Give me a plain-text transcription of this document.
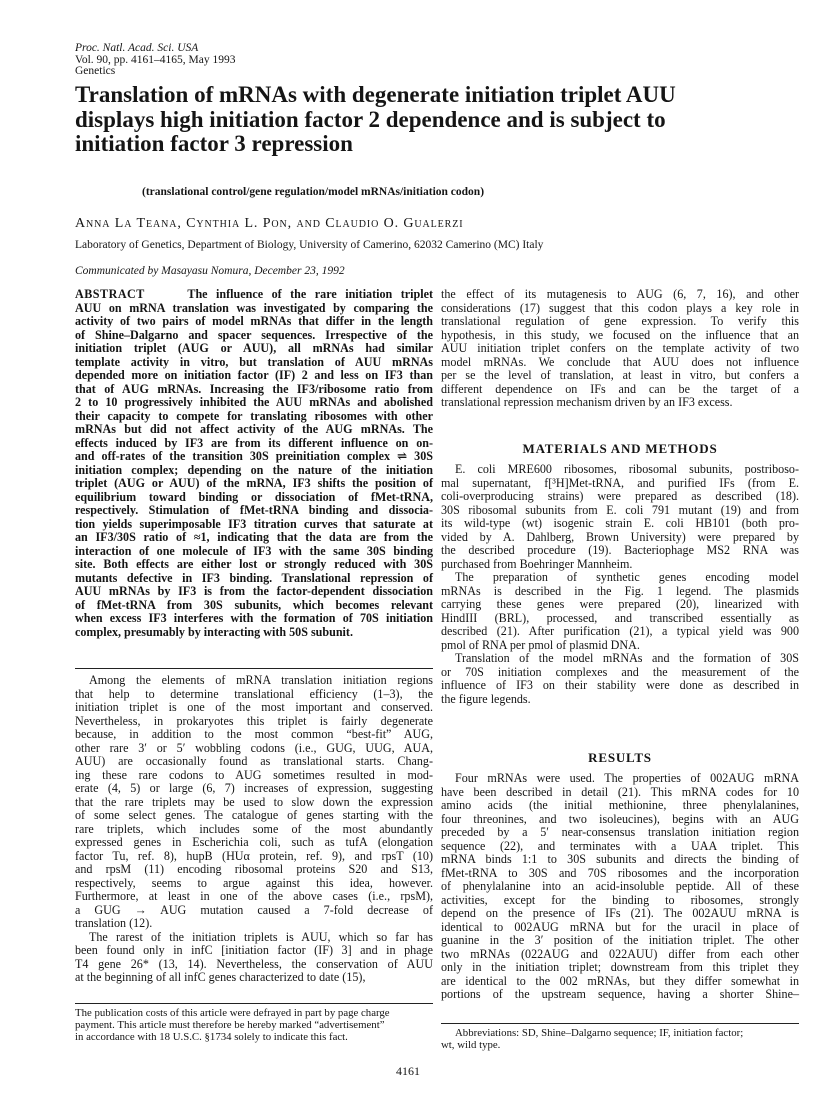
Proc. Natl. Acad. Sci. USA
Vol. 90, pp. 4161–4165, May 1993
Genetics
Translation of mRNAs with degenerate initiation triplet AUU
displays high initiation factor 2 dependence and is subject to
initiation factor 3 repression
(translational control/gene regulation/model mRNAs/initiation codon)
Anna La Teana, Cynthia L. Pon, and Claudio O. Gualerzi
Laboratory of Genetics, Department of Biology, University of Camerino, 62032 Camerino (MC) Italy
Communicated by Masayasu Nomura, December 23, 1992
ABSTRACT	The influence of the rare initiation triplet
AUU on mRNA translation was investigated by comparing the
activity of two pairs of model mRNAs that differ in the length
of Shine–Dalgarno and spacer sequences. Irrespective of the
initiation triplet (AUG or AUU), all mRNAs had similar
template activity in vitro, but translation of AUU mRNAs
depended more on initiation factor (IF) 2 and less on IF3 than
that of AUG mRNAs. Increasing the IF3/ribosome ratio from
2 to 10 progressively inhibited the AUU mRNAs and abolished
their capacity to compete for translating ribosomes with other
mRNAs but did not affect activity of the AUG mRNAs. The
effects induced by IF3 are from its different influence on on-
and off-rates of the transition 30S preinitiation complex ⇌ 30S
initiation complex; depending on the nature of the initiation
triplet (AUG or AUU) of the mRNA, IF3 shifts the position of
equilibrium toward binding or dissociation of fMet-tRNA,
respectively. Stimulation of fMet-tRNA binding and dissocia-
tion yields superimposable IF3 titration curves that saturate at
an IF3/30S ratio of ≈1, indicating that the data are from the
interaction of one molecule of IF3 with the same 30S binding
site. Both effects are either lost or strongly reduced with 30S
mutants defective in IF3 binding. Translational repression of
AUU mRNAs by IF3 is from the factor-dependent dissociation
of fMet-tRNA from 30S subunits, which becomes relevant
when excess IF3 interferes with the formation of 70S initiation
complex, presumably by interacting with 50S subunit.
Among the elements of mRNA translation initiation regions
that help to determine translational efficiency (1–3), the
initiation triplet is one of the most important and conserved.
Nevertheless, in prokaryotes this triplet is fairly degenerate
because, in addition to the most common “best-fit” AUG,
other rare 3′ or 5′ wobbling codons (i.e., GUG, UUG, AUA,
AUU) are occasionally found as translational starts. Chang-
ing these rare codons to AUG sometimes resulted in mod-
erate (4, 5) or large (6, 7) increases of expression, suggesting
that the rare triplets may be used to slow down the expression
of some select genes. The catalogue of genes starting with the
rare triplets, which includes some of the most abundantly
expressed genes in Escherichia coli, such as tufA (elongation
factor Tu, ref. 8), hupB (HUα protein, ref. 9), and rpsT (10)
and rpsM (11) encoding ribosomal proteins S20 and S13,
respectively, seems to argue against this idea, however.
Furthermore, at least in one of the above cases (i.e., rpsM),
a GUG → AUG mutation caused a 7-fold decrease of
translation (12).
The rarest of the initiation triplets is AUU, which so far has
been found only in infC [initiation factor (IF) 3] and in phage
T4 gene 26* (13, 14). Nevertheless, the conservation of AUU
at the beginning of all infC genes characterized to date (15),
The publication costs of this article were defrayed in part by page charge
payment. This article must therefore be hereby marked “advertisement”
in accordance with 18 U.S.C. §1734 solely to indicate this fact.
the effect of its mutagenesis to AUG (6, 7, 16), and other
considerations (17) suggest that this codon plays a key role in
translational regulation of gene expression. To verify this
hypothesis, in this study, we focused on the influence that an
AUU initiation triplet confers on the template activity of two
model mRNAs. We conclude that AUU does not influence
per se the level of translation, at least in vitro, but confers a
different dependence on IFs and can be the target of a
translational repression mechanism driven by an IF3 excess.
MATERIALS AND METHODS
E. coli MRE600 ribosomes, ribosomal subunits, postriboso-
mal supernatant, f[³H]Met-tRNA, and purified IFs (from E.
coli-overproducing strains) were prepared as described (18).
30S ribosomal subunits from E. coli 791 mutant (19) and from
its wild-type (wt) isogenic strain E. coli HB101 (both pro-
vided by A. Dahlberg, Brown University) were prepared by
the described procedure (19). Bacteriophage MS2 RNA was
purchased from Boehringer Mannheim.
The preparation of synthetic genes encoding model
mRNAs is described in the Fig. 1 legend. The plasmids
carrying these genes were prepared (20), linearized with
HindIII (BRL), processed, and transcribed essentially as
described (21). After purification (21), a typical yield was 900
pmol of RNA per pmol of plasmid DNA.
Translation of the model mRNAs and the formation of 30S
or 70S initiation complexes and the measurement of the
influence of IF3 on their stability were done as described in
the figure legends.
RESULTS
Four mRNAs were used. The properties of 002AUG mRNA
have been described in detail (21). This mRNA codes for 10
amino acids (the initial methionine, three phenylalanines,
four threonines, and two isoleucines), begins with an AUG
preceded by a 5′ near-consensus translation initiation region
sequence (22), and terminates with a UAA triplet. This
mRNA binds 1:1 to 30S subunits and directs the binding of
fMet-tRNA to 30S and 70S ribosomes and the incorporation
of phenylalanine into an acid-insoluble peptide. All of these
activities, except for the binding to ribosomes, strongly
depend on the presence of IFs (21). The 002AUU mRNA is
identical to 002AUG mRNA but for the uracil in place of
guanine in the 3′ position of the initiation triplet. The other
two mRNAs (022AUG and 022AUU) differ from each other
only in the initiation triplet; downstream from this triplet they
are identical to the 002 mRNAs, but they differ somewhat in
portions of the upstream sequence, having a shorter Shine–
Abbreviations: SD, Shine–Dalgarno sequence; IF, initiation factor;
wt, wild type.
4161
